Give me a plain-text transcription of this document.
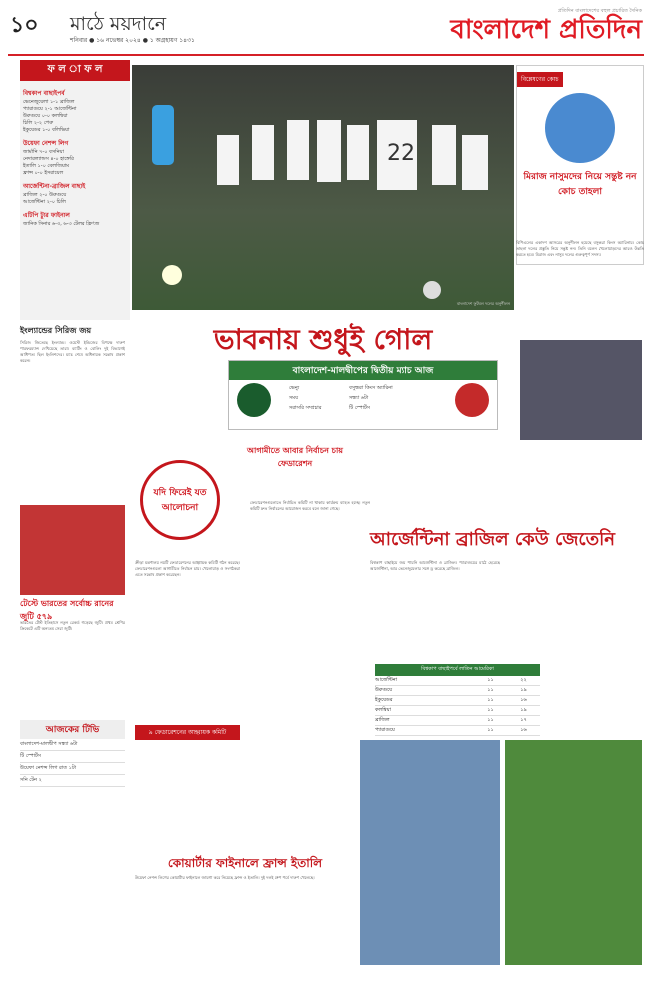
১০ মাঠে ময়দানে
শনিবার ● ১৬ নভেম্বর ২০২৪ ● ১ অগ্রহায়ণ ১৪৩১
প্রতিদিন বাংলাদেশের বহুল প্রচারিত দৈনিক
বাংলাদেশ প্রতিদিন
ফ ল া ফ ল
বিশ্বকাপ বাছাইপর্ব
ভেনেজুয়েলা ১-১ ব্রাজিল
প্যারাগুয়ে ২-১ আর্জেন্টিনা
উরুগুয়ে ০-০ কলম্বিয়া
চিলি ২-২ পেরু
ইকুয়েডর ১-০ বলিভিয়া
উয়েফা নেশন্স লিগ
জার্মানি ৭-০ বসনিয়া
নেদারল্যান্ডস ৪-০ হাঙ্গেরি
ইতালি ১-০ বেলজিয়াম
ফ্রান্স ০-০ ইসরায়েল
আর্জেন্টিনা-ব্রাজিল বাছাই
ব্রাজিল ২-০ উরুগুয়ে
আর্জেন্টিনা ২-০ চিলি
এটিপি ট্যুর ফাইনাল
জানিক সিনার ৬-৩, ৬-৩ টেলর ফ্রিৎজ
22
বাংলাদেশ ফুটবল দলের অনুশীলন
বিশ্লেষণের কোচ
মিরাজ নাসুমদের নিয়ে সন্তুষ্ট নন কোচ তাহলা
বিপিএলের একাদশ আসরের অনুশীলন হয়েছে বসুন্ধরা কিংস অ্যারিনায়। কোচ তাহলা দলের প্রস্তুতি নিয়ে সন্তুষ্ট নন। তিনি বলেন খেলোয়াড়দের আরও উন্নতি করতে হবে। মিরাজ এবং নাসুম দলের গুরুত্বপূর্ণ সদস্য।
ভাবনায় শুধুই গোল
বাংলাদেশ-মালদ্বীপের দ্বিতীয় ম্যাচ আজ
ভেন্যু	বসুন্ধরা কিংস অ্যারিনা
সময়	সন্ধ্যা ৬টা
সরাসরি সম্প্রচার	টি স্পোর্টস
ইংল্যান্ডের সিরিজ জয়
সিরিজ জিতেছে ইংল্যান্ড। ওয়েস্ট ইন্ডিজের বিপক্ষে দারুণ পারফরম্যান্স দেখিয়েছে তারা। ব্যাটিং ও বোলিং দুই বিভাগেই আধিপত্য ছিল ইংলিশদের। ম্যাচ শেষে অধিনায়ক সন্তোষ প্রকাশ করেন।
টেস্টে ভারতের সর্বোচ্চ রানের জুটি ৫৭৯
ভারতের টেস্ট ইতিহাসে নতুন রেকর্ড গড়েছে জুটি। প্রথম শ্রেণির ক্রিকেটে এটি অন্যতম সেরা জুটি।
আজকের টিভি
বাংলাদেশ-মালদ্বীপ সন্ধ্যা ৬টা
টি স্পোর্টস
উয়েফা নেশন্স লিগ রাত ১টা
সনি টেন ২
যদি ফিরেই যত আলোচনা
আগামীতে আবার নির্বাচন চায় ফেডারেশন
ক্রীড়া মন্ত্রণালয় নয়টি ফেডারেশনের আহ্বায়ক কমিটি গঠন করেছে। ফেডারেশনগুলো আগামীতে নির্বাচন চায়। খেলোয়াড় ও সংগঠকরা এতে সন্তোষ প্রকাশ করেছেন।
৯ ফেডারেশনের আহ্বায়ক কমিটি
ফেডারেশনগুলোতে নির্বাচিত কমিটি না থাকায় কার্যক্রম ব্যাহত হচ্ছে। নতুন কমিটি দ্রুত নির্বাচনের আয়োজন করবে বলে জানা গেছে।
আর্জেন্টিনা ব্রাজিল কেউ জেতেনি
বিশ্বকাপ বাছাইয়ে জয় পায়নি আর্জেন্টিনা ও ব্রাজিল। প্যারাগুয়ের মাঠে হেরেছে আর্জেন্টিনা, আর ভেনেজুয়েলার সঙ্গে ড্র করেছে ব্রাজিল।
বিশ্বকাপ বাছাইপর্বে লাতিন আমেরিকা
আর্জেন্টিনা	১১	২২
উরুগুয়ে	১১	১৯
ইকুয়েডর	১১	১৬
কলম্বিয়া	১১	১৯
ব্রাজিল	১১	১৭
প্যারাগুয়ে	১১	১৬
কোয়ার্টার ফাইনালে ফ্রান্স ইতালি
উয়েফা নেশন্স লিগের কোয়ার্টার ফাইনালে জায়গা করে নিয়েছে ফ্রান্স ও ইতালি। দুই দলই গ্রুপ পর্বে দারুণ খেলেছে।
